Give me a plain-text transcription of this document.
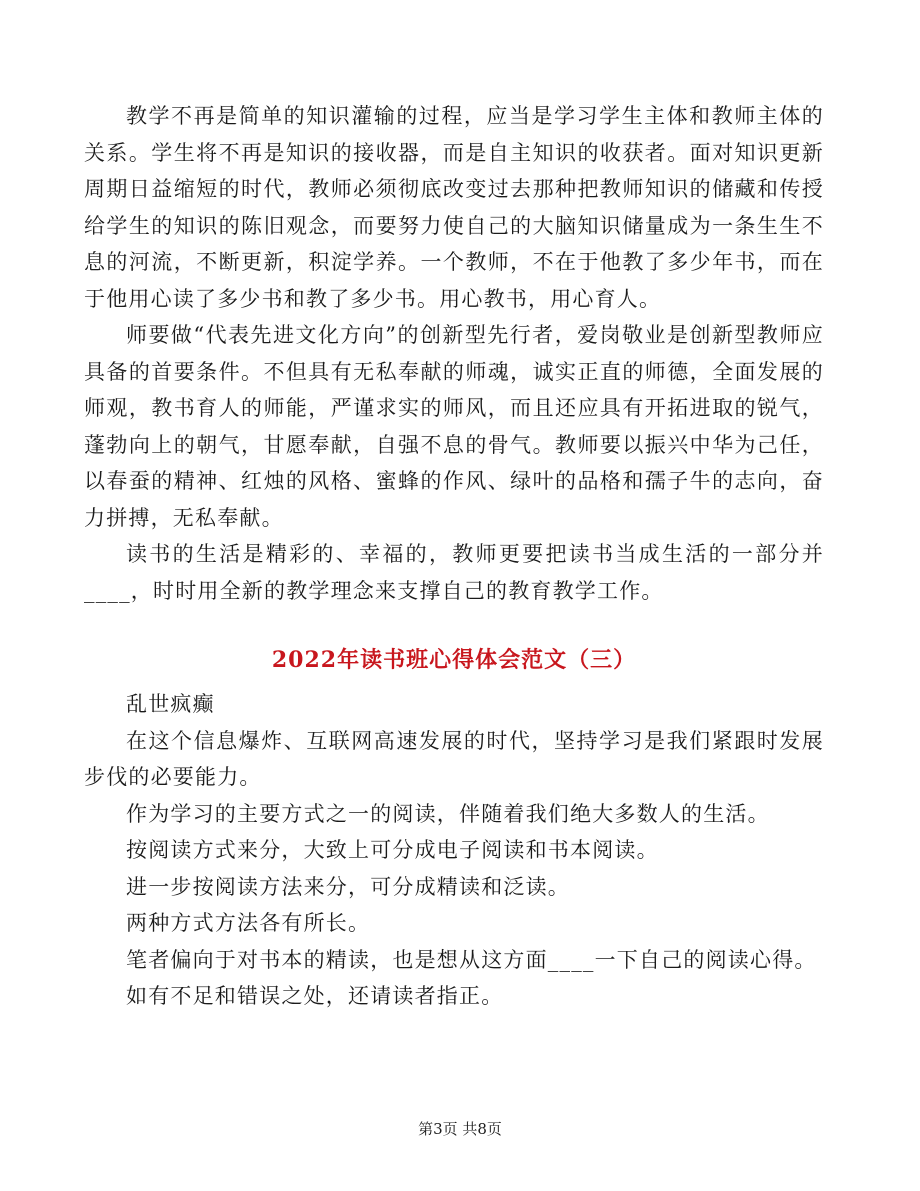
教学不再是简单的知识灌输的过程，应当是学习学生主体和教师主体的关系。学生将不再是知识的接收器，而是自主知识的收获者。面对知识更新周期日益缩短的时代，教师必须彻底改变过去那种把教师知识的储藏和传授给学生的知识的陈旧观念，而要努力使自己的大脑知识储量成为一条生生不息的河流，不断更新，积淀学养。一个教师，不在于他教了多少年书，而在于他用心读了多少书和教了多少书。用心教书，用心育人。

师要做“代表先进文化方向”的创新型先行者，爱岗敬业是创新型教师应具备的首要条件。不但具有无私奉献的师魂，诚实正直的师德，全面发展的师观，教书育人的师能，严谨求实的师风，而且还应具有开拓进取的锐气，蓬勃向上的朝气，甘愿奉献，自强不息的骨气。教师要以振兴中华为己任，以春蚕的精神、红烛的风格、蜜蜂的作风、绿叶的品格和孺子牛的志向，奋力拼搏，无私奉献。

读书的生活是精彩的、幸福的，教师更要把读书当成生活的一部分并____，时时用全新的教学理念来支撑自己的教育教学工作。

2022年读书班心得体会范文（三）

乱世疯癫

在这个信息爆炸、互联网高速发展的时代，坚持学习是我们紧跟时发展步伐的必要能力。

作为学习的主要方式之一的阅读，伴随着我们绝大多数人的生活。

按阅读方式来分，大致上可分成电子阅读和书本阅读。

进一步按阅读方法来分，可分成精读和泛读。

两种方式方法各有所长。

笔者偏向于对书本的精读，也是想从这方面____一下自己的阅读心得。

如有不足和错误之处，还请读者指正。

第3页 共8页
